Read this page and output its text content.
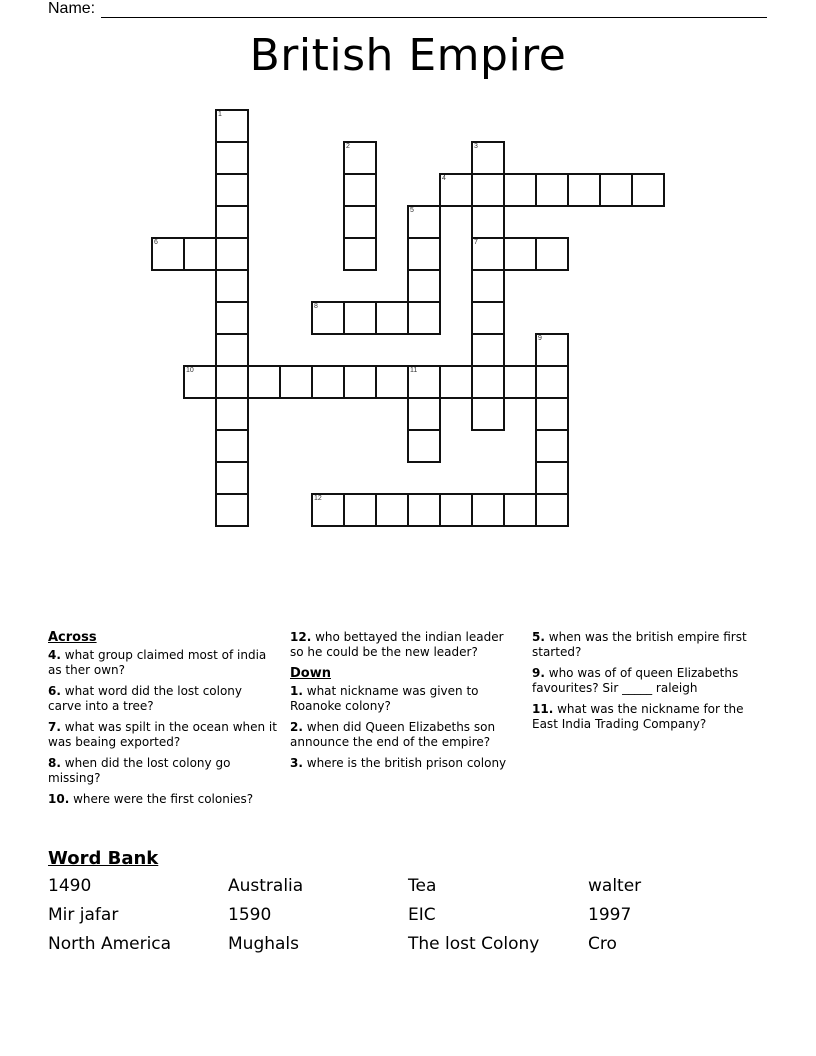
Name:
British Empire
1
2	3
7
4
5
6
8
9
10	11
12
Across
4. what group claimed most of india as ther own?
6. what word did the lost colony carve into a tree?
7. what was spilt in the ocean when it was beaing exported?
8. when did the lost colony go missing?
10. where were the first colonies?
12. who bettayed the indian leader so he could be the new leader?
Down
1. what nickname was given to Roanoke colony?
2. when did Queen Elizabeths son announce the end of the empire?
3. where is the british prison colony
5. when was the british empire first started?
9. who was of of queen Elizabeths favourites? Sir _____ raleigh
11. what was the nickname for the East India Trading Company?
Word Bank
1490	Australia	Tea	walter
Mir jafar	1590	EIC	1997
North America	Mughals	The lost Colony	Cro
